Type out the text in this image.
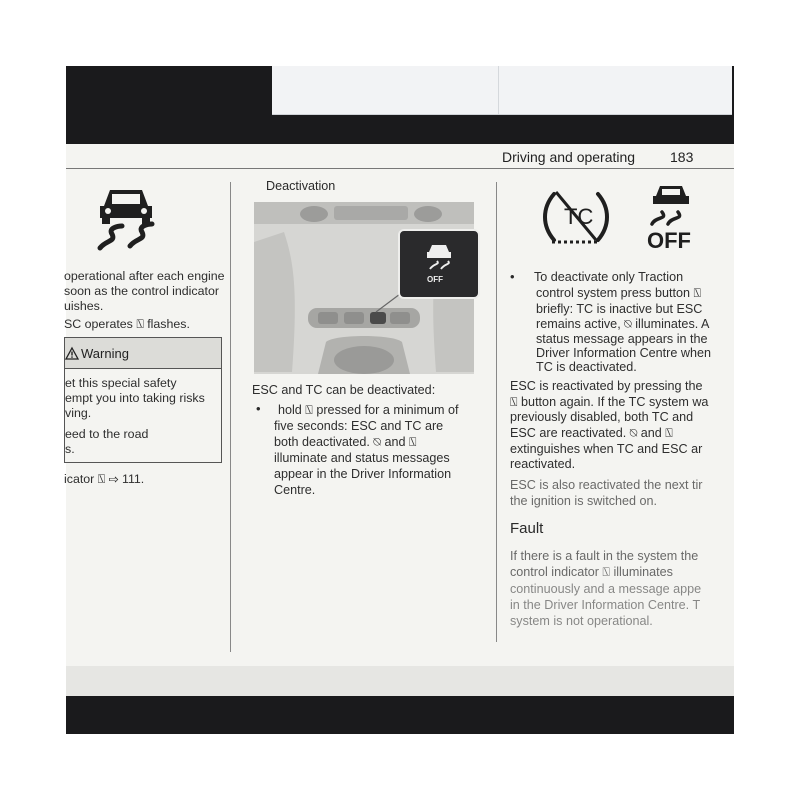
Driving and operating 183
operational after each engine
soon as the control indicator
uishes.
SC operates ⍂ flashes.
Warning
et this special safety
empt you into taking risks
ving.
eed to the road
s.
icator ⍂ ⇨ 111.
Deactivation
OFF
ESC and TC can be deactivated:
• hold ⍂ pressed for a minimum of
five seconds: ESC and TC are
both deactivated. ⍉ and ⍂
illuminate and status messages
appear in the Driver Information
Centre.
TC
OFF
• To deactivate only Traction
control system press button ⍂
briefly: TC is inactive but ESC
remains active, ⍉ illuminates. A
status message appears in the
Driver Information Centre when
TC is deactivated.
ESC is reactivated by pressing the
⍂ button again. If the TC system wa
previously disabled, both TC and
ESC are reactivated. ⍉ and ⍂
extinguishes when TC and ESC ar
reactivated.
ESC is also reactivated the next tir
the ignition is switched on.
Fault
If there is a fault in the system the
control indicator ⍂ illuminates
continuously and a message appe
in the Driver Information Centre. T
system is not operational.
